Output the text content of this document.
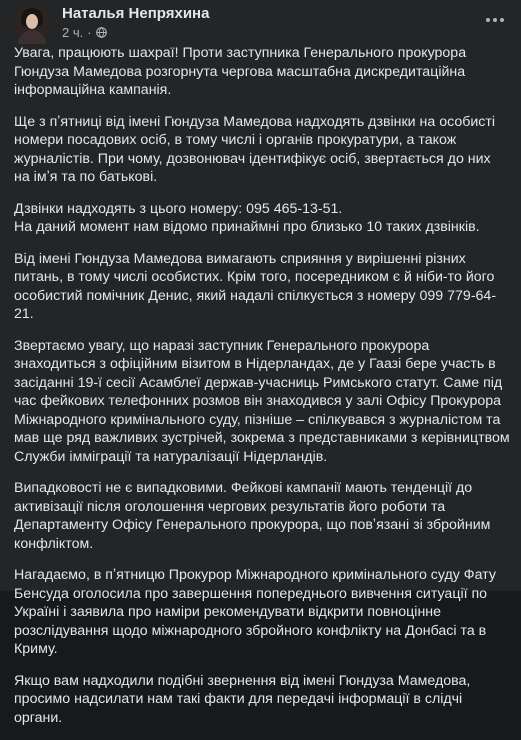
Наталья Непряхина
2 ч. ·

Увага, працюють шахраї! Проти заступника Генерального прокурора Гюндуза Мамедова розгорнута чергова масштабна дискредитаційна інформаційна кампанія.

Ще з пʼятниці від імені Гюндуза Мамедова надходять дзвінки на особисті номери посадових осіб, в тому числі і органів прокуратури, а також журналістів. При чому, дозвонювач ідентифікує осіб, звертається до них на імʼя та по батькові.

Дзвінки надходять з цього номеру: 095 465-13-51.
На даний момент нам відомо принаймні про близько 10 таких дзвінків.

Від імені Гюндуза Мамедова вимагають сприяння у вирішенні різних питань, в тому числі особистих. Крім того, посередником є й ніби-то його особистий помічник Денис, який надалі спілкується з номеру 099 779-64-21.

Звертаємо увагу, що наразі заступник Генерального прокурора знаходиться з офіційним візитом в Нідерландах, де у Гаазі бере участь в засіданні 19-ї сесії Асамблеї держав-учасниць Римського статут. Саме під час фейкових телефонних розмов він знаходився у залі Офісу Прокурора Міжнародного кримінального суду, пізніше – спілкувався з журналістом та мав ще ряд важливих зустрічей, зокрема з представниками з керівництвом Служби імміграції та натуралізації Нідерландів.

Випадковості не є випадковими. Фейкові кампанії мають тенденції до активізації після оголошення чергових результатів його роботи та Департаменту Офісу Генерального прокурора, що повʼязані зі збройним конфліктом.

Нагадаємо, в пʼятницю Прокурор Міжнародного кримінального суду Фату Бенсуда оголосила про завершення попереднього вивчення ситуації по Україні і заявила про наміри рекомендувати відкрити повноцінне розслідування щодо міжнародного збройного конфлікту на Донбасі та в Криму.

Якщо вам надходили подібні звернення від імені Гюндуза Мамедова, просимо надсилати нам такі факти для передачі інформації в слідчі органи.
